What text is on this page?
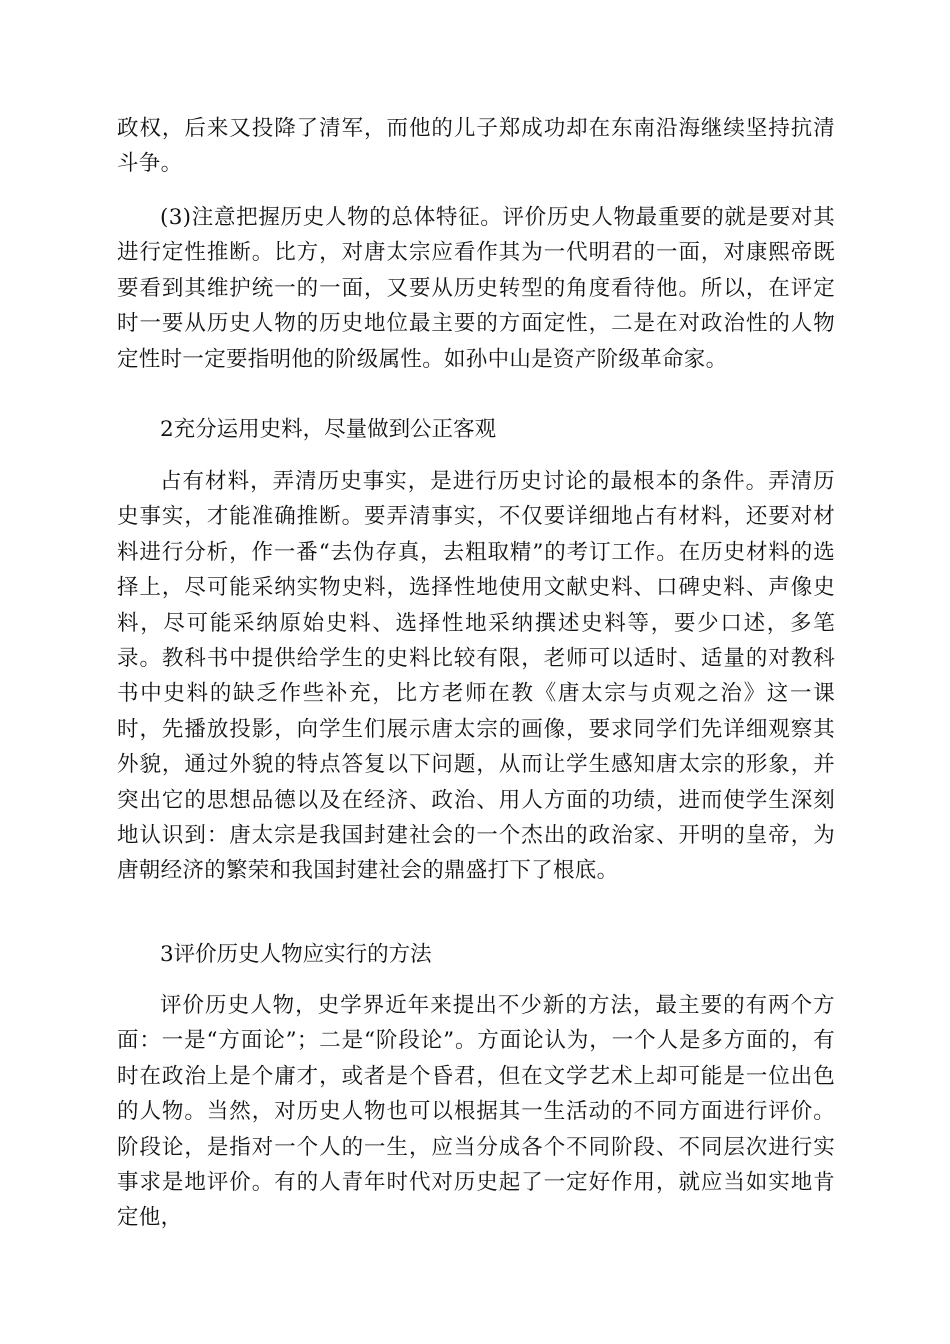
政权，后来又投降了清军，而他的儿子郑成功却在东南沿海继续坚持抗清斗争。

(3)注意把握历史人物的总体特征。评价历史人物最重要的就是要对其进行定性推断。比方，对唐太宗应看作其为一代明君的一面，对康熙帝既要看到其维护统一的一面，又要从历史转型的角度看待他。所以，在评定时一要从历史人物的历史地位最主要的方面定性，二是在对政治性的人物定性时一定要指明他的阶级属性。如孙中山是资产阶级革命家。

2充分运用史料，尽量做到公正客观

占有材料，弄清历史事实，是进行历史讨论的最根本的条件。弄清历史事实，才能准确推断。要弄清事实，不仅要详细地占有材料，还要对材料进行分析，作一番“去伪存真，去粗取精”的考订工作。在历史材料的选择上，尽可能采纳实物史料，选择性地使用文献史料、口碑史料、声像史料，尽可能采纳原始史料、选择性地采纳撰述史料等，要少口述，多笔录。教科书中提供给学生的史料比较有限，老师可以适时、适量的对教科书中史料的缺乏作些补充，比方老师在教《唐太宗与贞观之治》这一课时，先播放投影，向学生们展示唐太宗的画像，要求同学们先详细观察其外貌，通过外貌的特点答复以下问题，从而让学生感知唐太宗的形象，并突出它的思想品德以及在经济、政治、用人方面的功绩，进而使学生深刻地认识到：唐太宗是我国封建社会的一个杰出的政治家、开明的皇帝，为唐朝经济的繁荣和我国封建社会的鼎盛打下了根底。

3评价历史人物应实行的方法

评价历史人物，史学界近年来提出不少新的方法，最主要的有两个方面：一是“方面论”；二是“阶段论”。方面论认为，一个人是多方面的，有时在政治上是个庸才，或者是个昏君，但在文学艺术上却可能是一位出色的人物。当然，对历史人物也可以根据其一生活动的不同方面进行评价。阶段论，是指对一个人的一生，应当分成各个不同阶段、不同层次进行实事求是地评价。有的人青年时代对历史起了一定好作用，就应当如实地肯定他，
